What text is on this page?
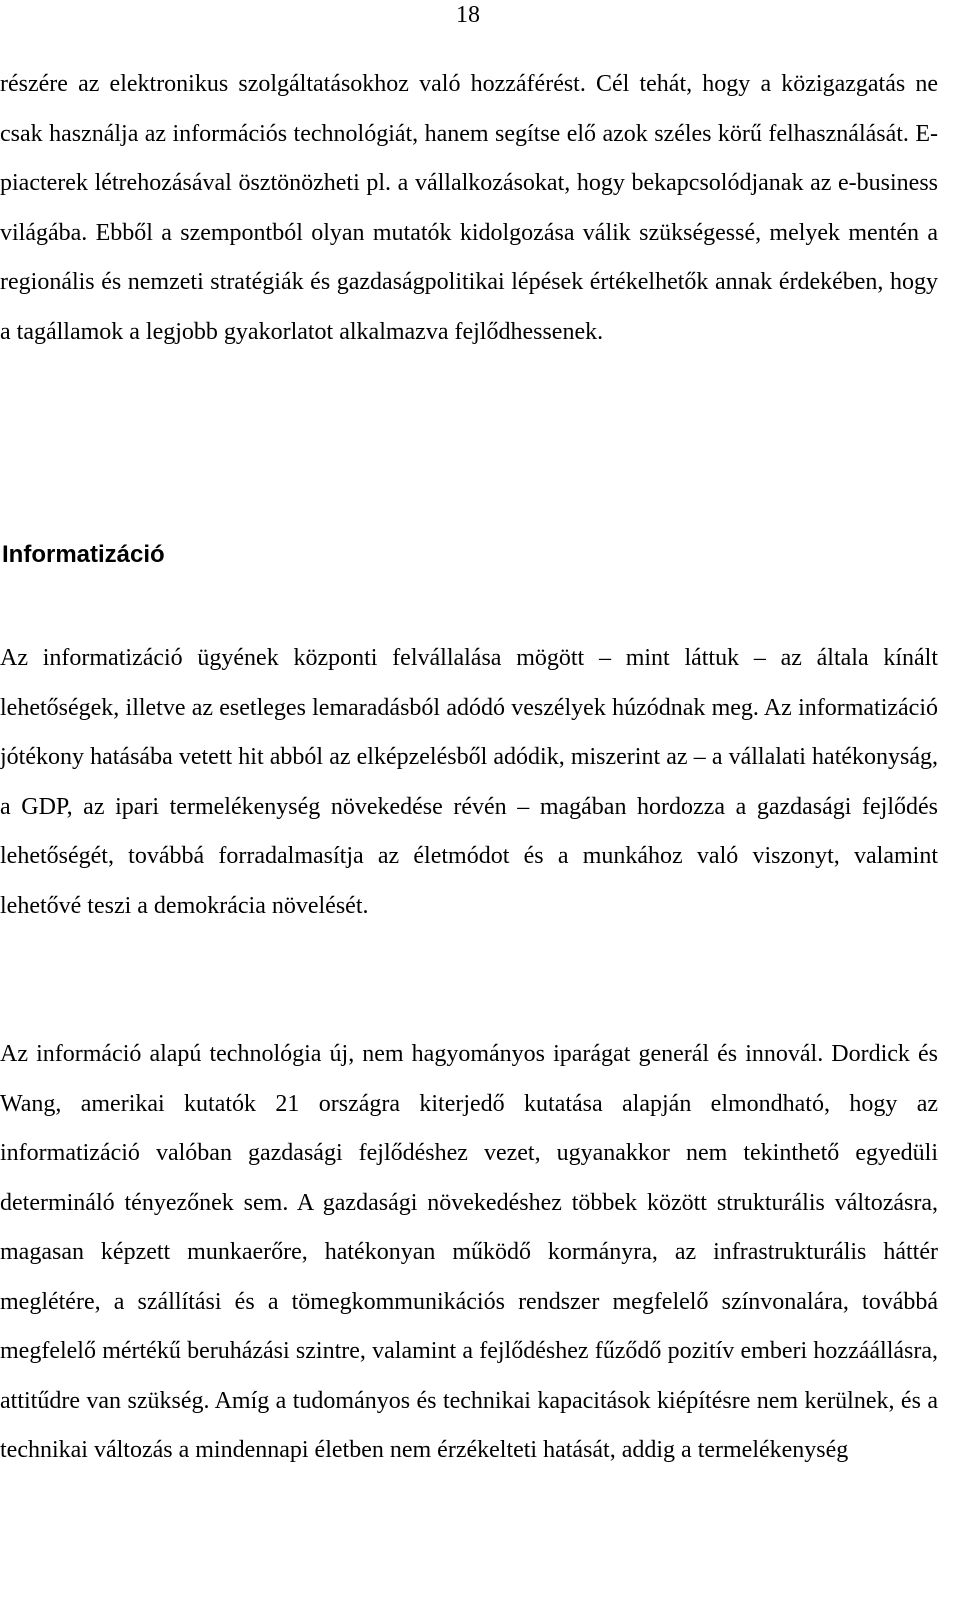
18

részére az elektronikus szolgáltatásokhoz való hozzáférést. Cél tehát, hogy a közigazgatás ne csak használja az információs technológiát, hanem segítse elő azok széles körű felhasználását. E-piacterek létrehozásával ösztönözheti pl. a vállalkozásokat, hogy bekapcsolódjanak az e-business világába. Ebből a szempontból olyan mutatók kidolgozása válik szükségessé, melyek mentén a regionális és nemzeti stratégiák és gazdaságpolitikai lépések értékelhetők annak érdekében, hogy a tagállamok a legjobb gyakorlatot alkalmazva fejlődhessenek.

Informatizáció

Az informatizáció ügyének központi felvállalása mögött – mint láttuk – az általa kínált lehetőségek, illetve az esetleges lemaradásból adódó veszélyek húzódnak meg. Az informatizáció jótékony hatásába vetett hit abból az elképzelésből adódik, miszerint az – a vállalati hatékonyság, a GDP, az ipari termelékenység növekedése révén – magában hordozza a gazdasági fejlődés lehetőségét, továbbá forradalmasítja az életmódot és a munkához való viszonyt, valamint lehetővé teszi a demokrácia növelését.

Az információ alapú technológia új, nem hagyományos iparágat generál és innovál. Dordick és Wang, amerikai kutatók 21 országra kiterjedő kutatása alapján elmondható, hogy az informatizáció valóban gazdasági fejlődéshez vezet, ugyanakkor nem tekinthető egyedüli determináló tényezőnek sem. A gazdasági növekedéshez többek között strukturális változásra, magasan képzett munkaerőre, hatékonyan működő kormányra, az infrastrukturális háttér meglétére, a szállítási és a tömegkommunikációs rendszer megfelelő színvonalára, továbbá megfelelő mértékű beruházási szintre, valamint a fejlődéshez fűződő pozitív emberi hozzáállásra, attitűdre van szükség. Amíg a tudományos és technikai kapacitások kiépítésre nem kerülnek, és a technikai változás a mindennapi életben nem érzékelteti hatását, addig a termelékenység
